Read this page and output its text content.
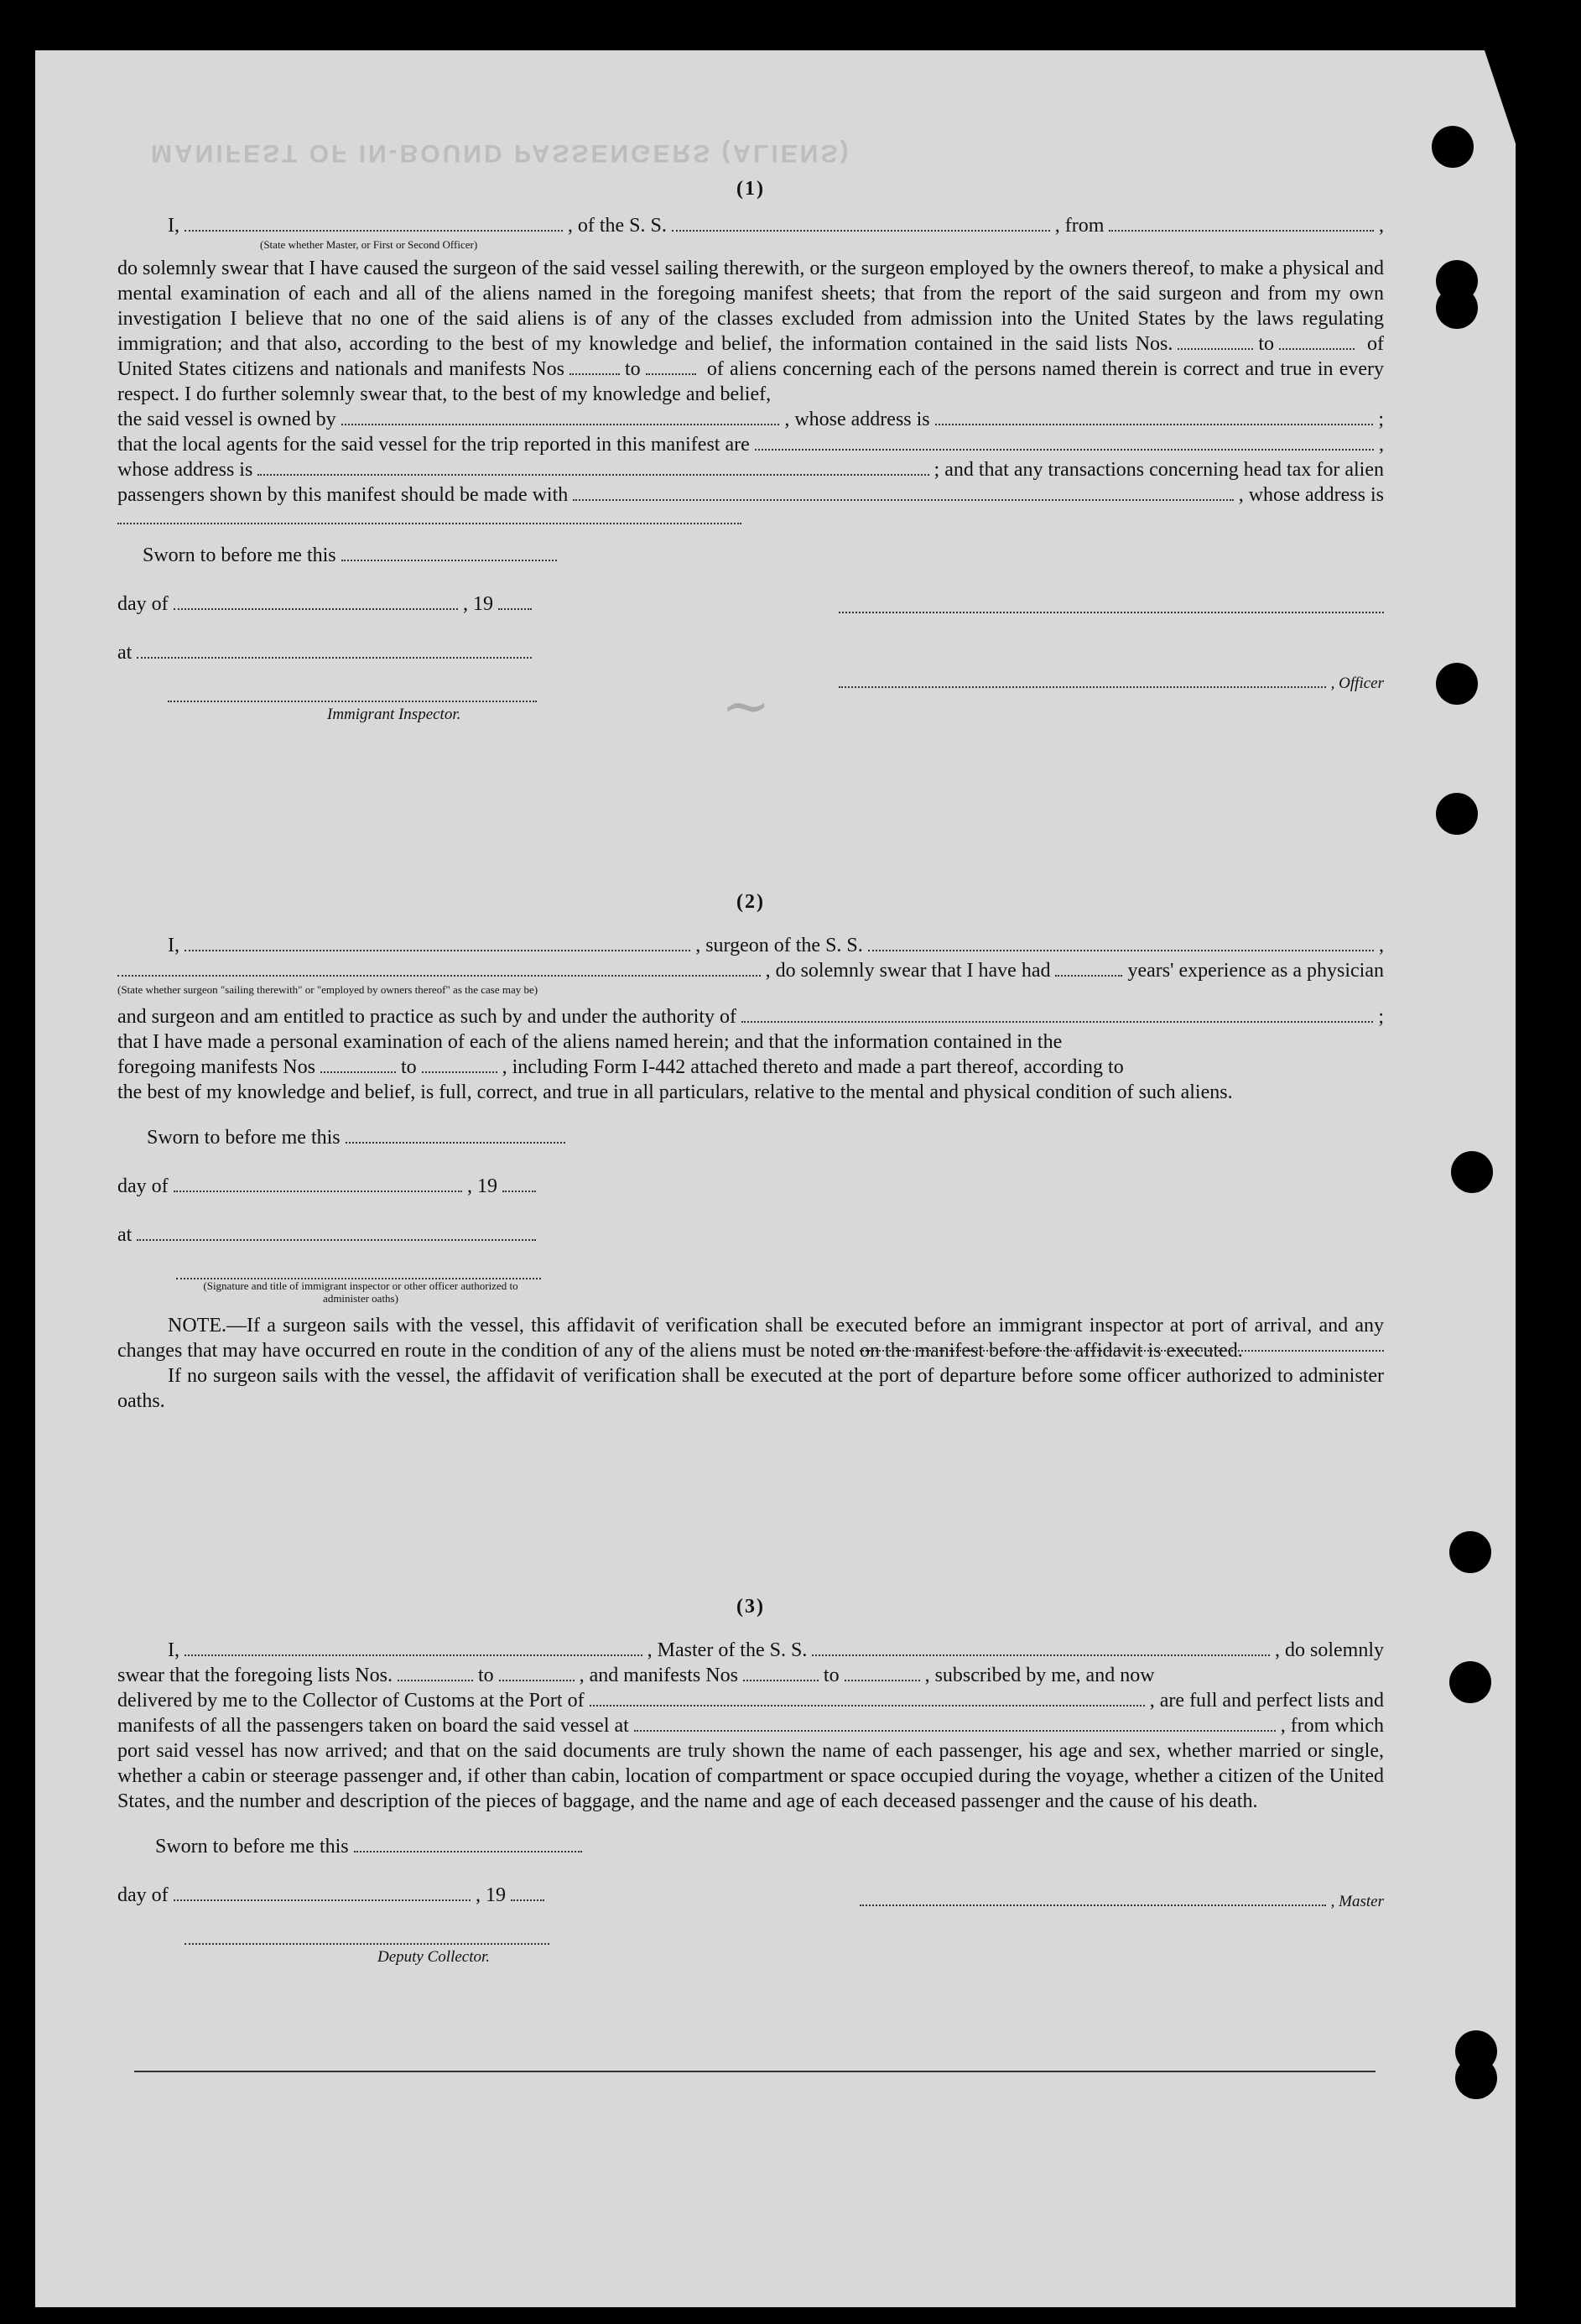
MANIFEST OF IN-BOUND PASSENGERS (ALIENS)
~
(1)
I,	, of the S. S.	, from	,
(State whether Master, or First or Second Officer)

do solemnly swear that I have caused the surgeon of the said vessel sailing therewith, or the surgeon employed by the owners thereof, to make a physical and mental examination of each and all of the aliens named in the foregoing manifest sheets; that from the report of the said surgeon and from my own investigation I believe that no one of the said aliens is of any of the classes excluded from admission into the United States by the laws regulating immigration; and that also, according to the best of my knowledge and belief, the information contained in the said lists Nos.	to	of United States citizens and nationals and manifests Nos	to	of aliens concerning each of the persons named therein is correct and true in every respect. I do further solemnly swear that, to the best of my knowledge and belief,

the said vessel is owned by	, whose address is	;
that the local agents for the said vessel for the trip reported in this manifest are	,
whose address is	; and that any transactions concerning head tax for alien
passengers shown by this manifest should be made with	, whose address is
Sworn to before me this
day of	, 19
at
Immigrant Inspector.
, Officer
(2)
I,	, surgeon of the S. S.	,
, do solemnly swear that I have had	years' experience as a physician
(State whether surgeon "sailing therewith" or "employed by owners thereof" as the case may be)
and surgeon and am entitled to practice as such by and under the authority of	;
that I have made a personal examination of each of the aliens named herein; and that the information contained in the
foregoing manifests Nos	to	, including Form I-442 attached thereto and made a part thereof, according to

the best of my knowledge and belief, is full, correct, and true in all particulars, relative to the mental and physical condition of such aliens.

Sworn to before me this
day of	, 19
at
(Signature and title of immigrant inspector or other officer authorized to administer oaths)

NOTE.—If a surgeon sails with the vessel, this affidavit of verification shall be executed before an immigrant inspector at port of arrival, and any changes that may have occurred en route in the condition of any of the aliens must be noted on the manifest before the affidavit is executed.

If no surgeon sails with the vessel, the affidavit of verification shall be executed at the port of departure before some officer authorized to administer oaths.

(3)
I,	, Master of the S. S.	, do solemnly
swear that the foregoing lists Nos.	to	, and manifests Nos	to	, subscribed by me, and now
delivered by me to the Collector of Customs at the Port of	, are full and perfect lists and
manifests of all the passengers taken on board the said vessel at	, from which

port said vessel has now arrived; and that on the said documents are truly shown the name of each passenger, his age and sex, whether married or single, whether a cabin or steerage passenger and, if other than cabin, location of compartment or space occupied during the voyage, whether a citizen of the United States, and the number and description of the pieces of baggage, and the name and age of each deceased passenger and the cause of his death.

Sworn to before me this
, Master
day of	, 19
Deputy Collector.
